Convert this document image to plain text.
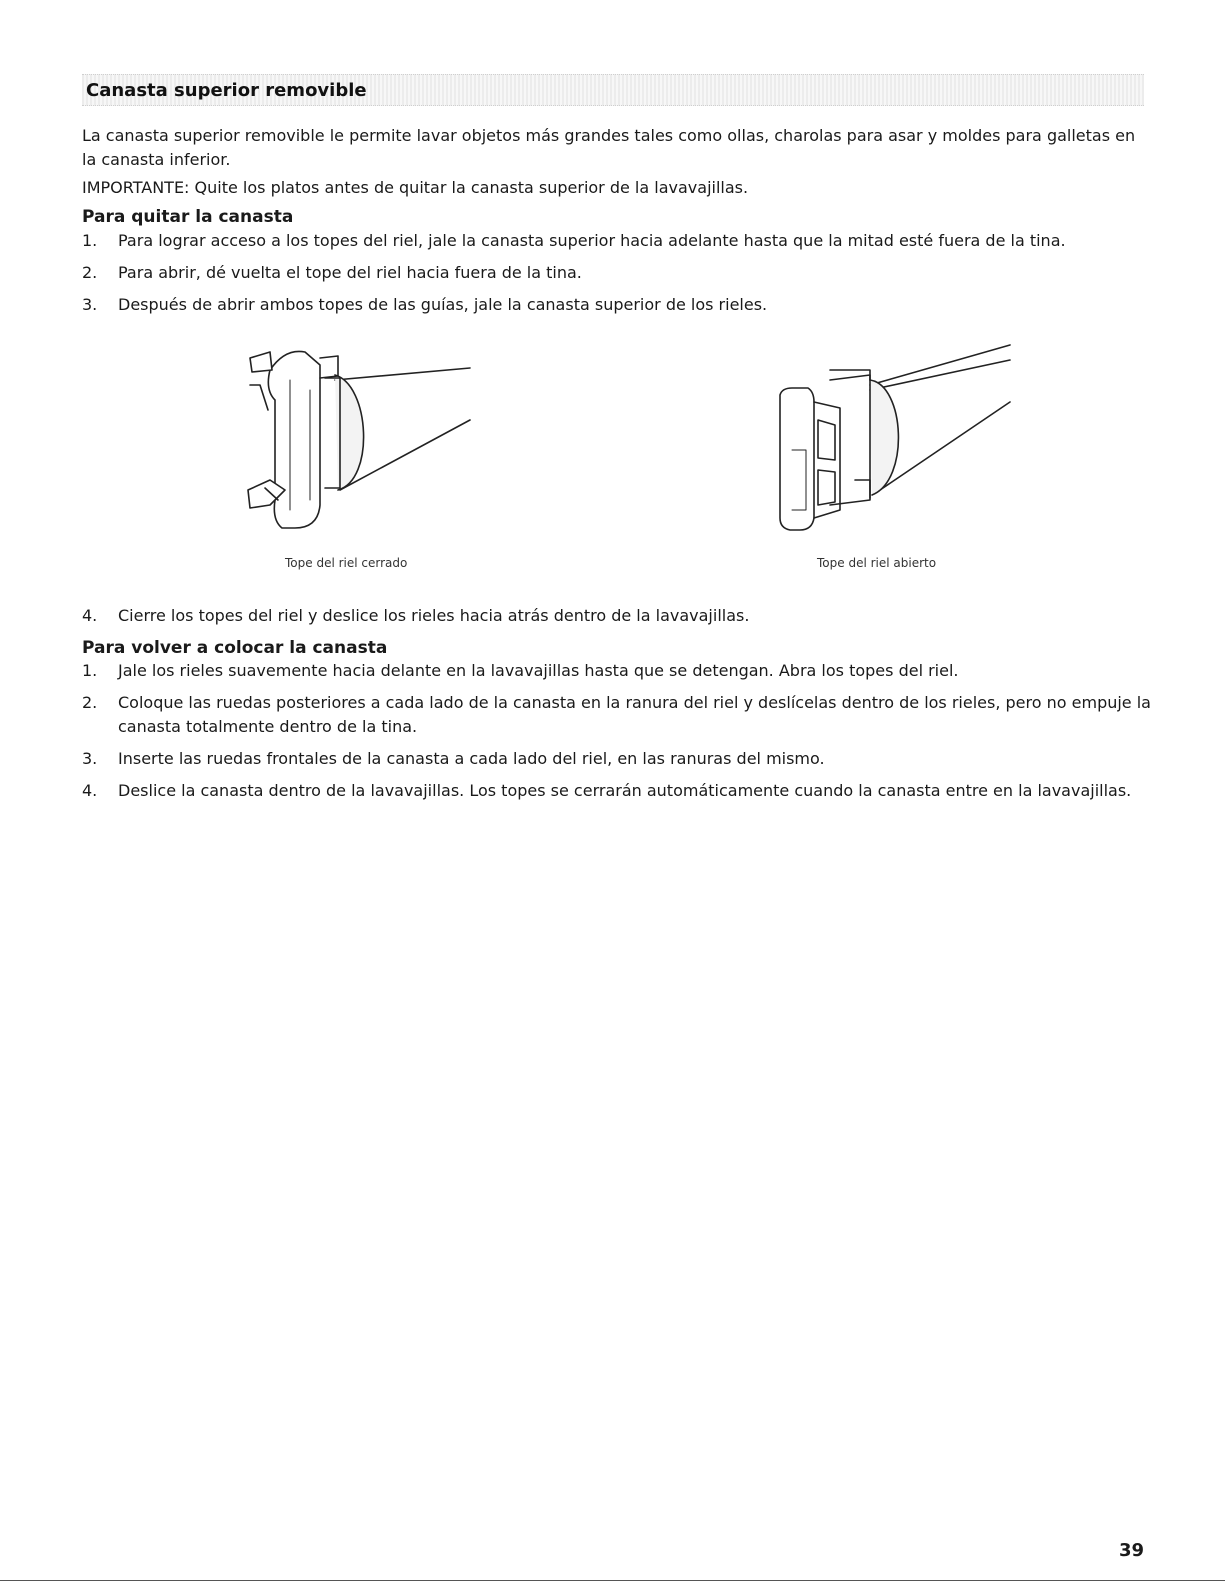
Canasta superior removible

La canasta superior removible le permite lavar objetos más grandes tales como ollas, charolas para asar y moldes para galletas en la canasta inferior.

IMPORTANTE: Quite los platos antes de quitar la canasta superior de la lavavajillas.

Para quitar la canasta
1. Para lograr acceso a los topes del riel, jale la canasta superior hacia adelante hasta que la mitad esté fuera de la tina.
2. Para abrir, dé vuelta el tope del riel hacia fuera de la tina.
3. Después de abrir ambos topes de las guías, jale la canasta superior de los rieles.

Tope del riel cerrado	Tope del riel abierto

4. Cierre los topes del riel y deslice los rieles hacia atrás dentro de la lavavajillas.
Para volver a colocar la canasta
1. Jale los rieles suavemente hacia delante en la lavavajillas hasta que se detengan. Abra los topes del riel.
2. Coloque las ruedas posteriores a cada lado de la canasta en la ranura del riel y deslícelas dentro de los rieles, pero no empuje la canasta totalmente dentro de la tina.
3. Inserte las ruedas frontales de la canasta a cada lado del riel, en las ranuras del mismo.
4. Deslice la canasta dentro de la lavavajillas. Los topes se cerrarán automáticamente cuando la canasta entre en la lavavajillas.

39
